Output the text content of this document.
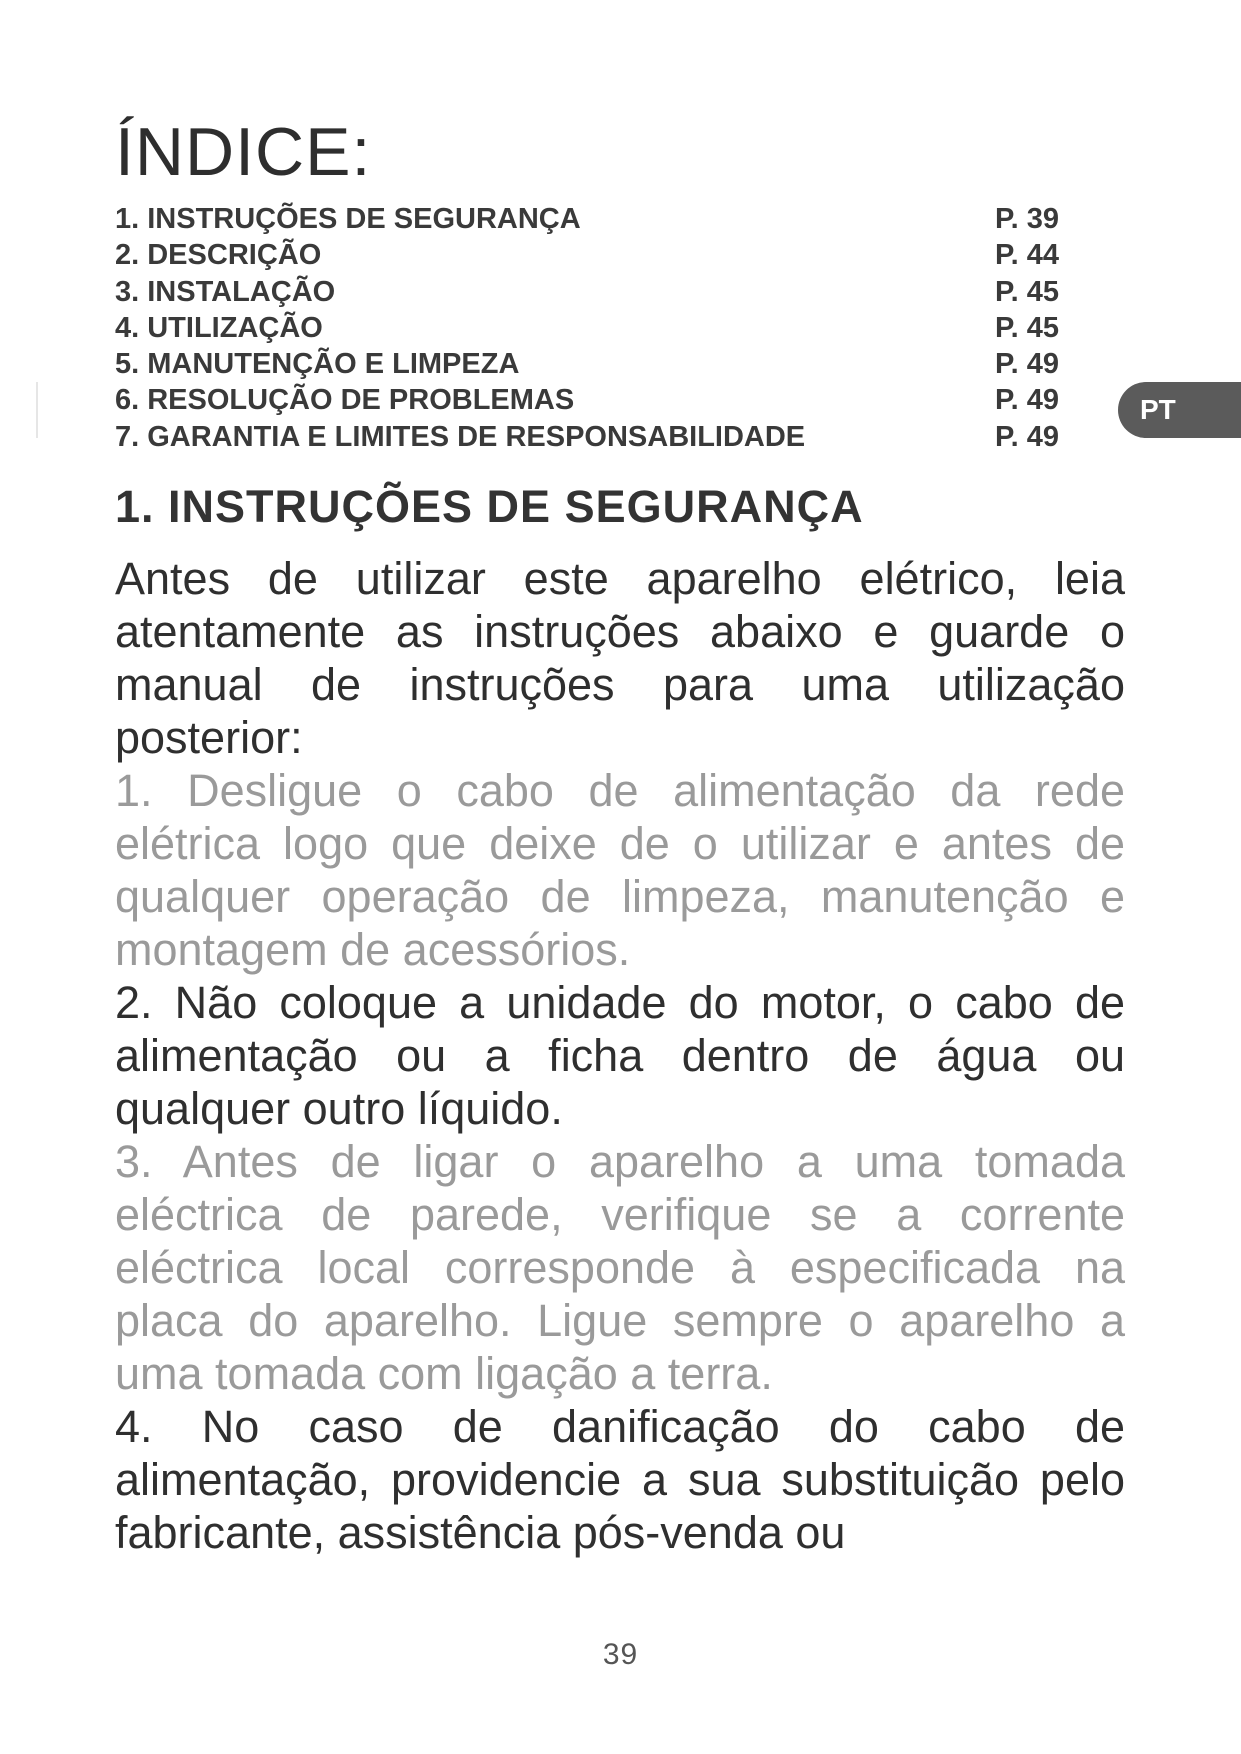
ÍNDICE:
1. INSTRUÇÕES DE SEGURANÇA	P. 39
2. DESCRIÇÃO	P. 44
3. INSTALAÇÃO	P. 45
4. UTILIZAÇÃO	P. 45
5. MANUTENÇÃO E LIMPEZA	P. 49
6. RESOLUÇÃO DE PROBLEMAS	P. 49
7. GARANTIA E LIMITES DE RESPONSABILIDADE	P. 49
PT
1. INSTRUÇÕES DE SEGURANÇA

Antes de utilizar este aparelho elétrico, leia atentamente as instruções abaixo e guarde o manual de instruções para uma utilização posterior:

1. Desligue o cabo de alimentação da rede elétrica logo que deixe de o utilizar e antes de qualquer operação de limpeza, manutenção e montagem de acessórios.

2. Não coloque a unidade do motor, o cabo de alimentação ou a ficha dentro de água ou qualquer outro líquido.

3. Antes de ligar o aparelho a uma tomada eléctrica de parede, verifique se a corrente eléctrica local corresponde à especificada na placa do aparelho. Ligue sempre o aparelho a uma tomada com ligação a terra.

4. No caso de danificação do cabo de alimentação, providencie a sua substituição pelo fabricante, assistência pós-venda ou

39
